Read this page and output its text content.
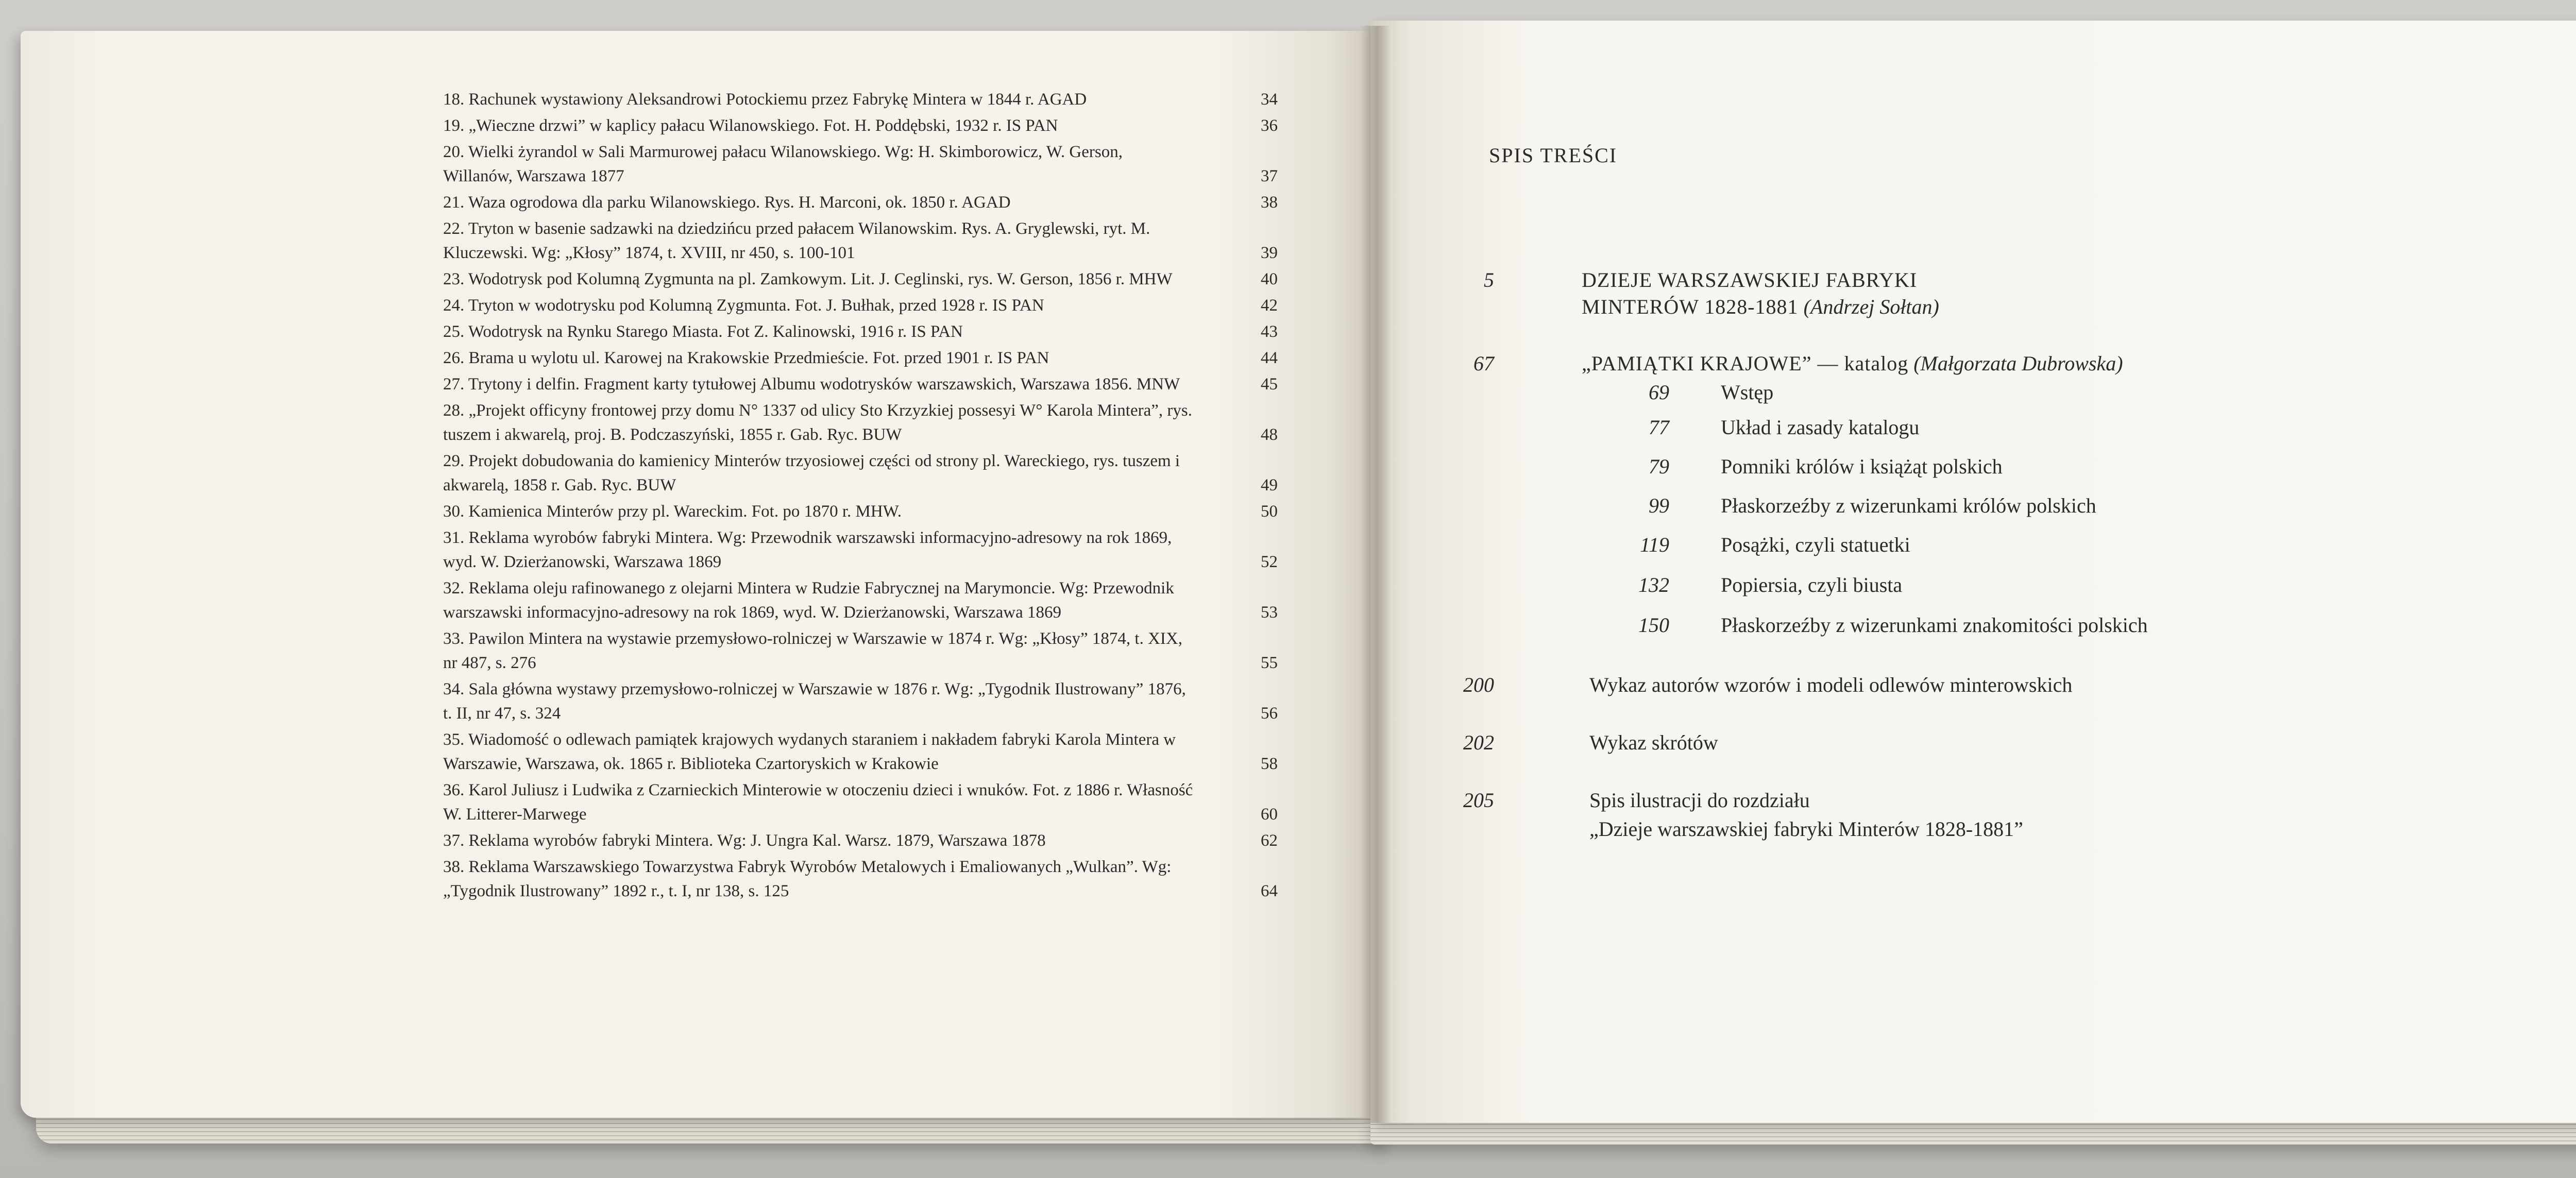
18. Rachunek wystawiony Aleksandrowi Potockiemu przez Fabrykę Mintera w 1844 r. AGAD	34
19. „Wieczne drzwi” w kaplicy pałacu Wilanowskiego. Fot. H. Poddębski, 1932 r. IS PAN	36
20. Wielki żyrandol w Sali Marmurowej pałacu Wilanowskiego. Wg: H. Skimborowicz, W. Gerson, Willanów, Warszawa 1877	37
21. Waza ogrodowa dla parku Wilanowskiego. Rys. H. Marconi, ok. 1850 r. AGAD	38
22. Tryton w basenie sadzawki na dziedzińcu przed pałacem Wilanowskim. Rys. A. Gryglewski, ryt. M. Kluczewski. Wg: „Kłosy” 1874, t. XVIII, nr 450, s. 100-101	39
23. Wodotrysk pod Kolumną Zygmunta na pl. Zamkowym. Lit. J. Ceglinski, rys. W. Gerson, 1856 r. MHW	40
24. Tryton w wodotrysku pod Kolumną Zygmunta. Fot. J. Bułhak, przed 1928 r. IS PAN	42
25. Wodotrysk na Rynku Starego Miasta. Fot Z. Kalinowski, 1916 r. IS PAN	43
26. Brama u wylotu ul. Karowej na Krakowskie Przedmieście. Fot. przed 1901 r. IS PAN	44
27. Trytony i delfin. Fragment karty tytułowej Albumu wodotrysków warszawskich, Warszawa 1856. MNW	45
28. „Projekt officyny frontowej przy domu N° 1337 od ulicy Sto Krzyzkiej possesyi W° Karola Mintera”, rys. tuszem i akwarelą, proj. B. Podczaszyński, 1855 r. Gab. Ryc. BUW	48
29. Projekt dobudowania do kamienicy Minterów trzyosiowej części od strony pl. Wareckiego, rys. tuszem i akwarelą, 1858 r. Gab. Ryc. BUW	49
30. Kamienica Minterów przy pl. Wareckim. Fot. po 1870 r. MHW.	50
31. Reklama wyrobów fabryki Mintera. Wg: Przewodnik warszawski informacyjno-adresowy na rok 1869, wyd. W. Dzierżanowski, Warszawa 1869	52
32. Reklama oleju rafinowanego z olejarni Mintera w Rudzie Fabrycznej na Marymoncie. Wg: Przewodnik warszawski informacyjno-adresowy na rok 1869, wyd. W. Dzierżanowski, Warszawa 1869	53
33. Pawilon Mintera na wystawie przemysłowo-rolniczej w Warszawie w 1874 r. Wg: „Kłosy” 1874, t. XIX, nr 487, s. 276	55
34. Sala główna wystawy przemysłowo-rolniczej w Warszawie w 1876 r. Wg: „Tygodnik Ilustrowany” 1876, t. II, nr 47, s. 324	56
35. Wiadomość o odlewach pamiątek krajowych wydanych staraniem i nakładem fabryki Karola Mintera w Warszawie, Warszawa, ok. 1865 r. Biblioteka Czartoryskich w Krakowie	58
36. Karol Juliusz i Ludwika z Czarnieckich Minterowie w otoczeniu dzieci i wnuków. Fot. z 1886 r. Własność W. Litterer-Marwege	60
37. Reklama wyrobów fabryki Mintera. Wg: J. Ungra Kal. Warsz. 1879, Warszawa 1878	62
38. Reklama Warszawskiego Towarzystwa Fabryk Wyrobów Metalowych i Emaliowanych „Wulkan”. Wg: „Tygodnik Ilustrowany” 1892 r., t. I, nr 138, s. 125	64
SPIS TREŚCI
5	DZIEJE WARSZAWSKIEJ FABRYKI
MINTERÓW 1828-1881 (Andrzej Sołtan)
67	„PAMIĄTKI KRAJOWE” — katalog (Małgorzata Dubrowska)
69	Wstęp
77	Układ i zasady katalogu
79	Pomniki królów i książąt polskich
99	Płaskorzeźby z wizerunkami królów polskich
119	Posążki, czyli statuetki
132	Popiersia, czyli biusta
150	Płaskorzeźby z wizerunkami znakomitości polskich
200	Wykaz autorów wzorów i modeli odlewów minterowskich
202	Wykaz skrótów
205	Spis ilustracji do rozdziału
„Dzieje warszawskiej fabryki Minterów 1828-1881”
